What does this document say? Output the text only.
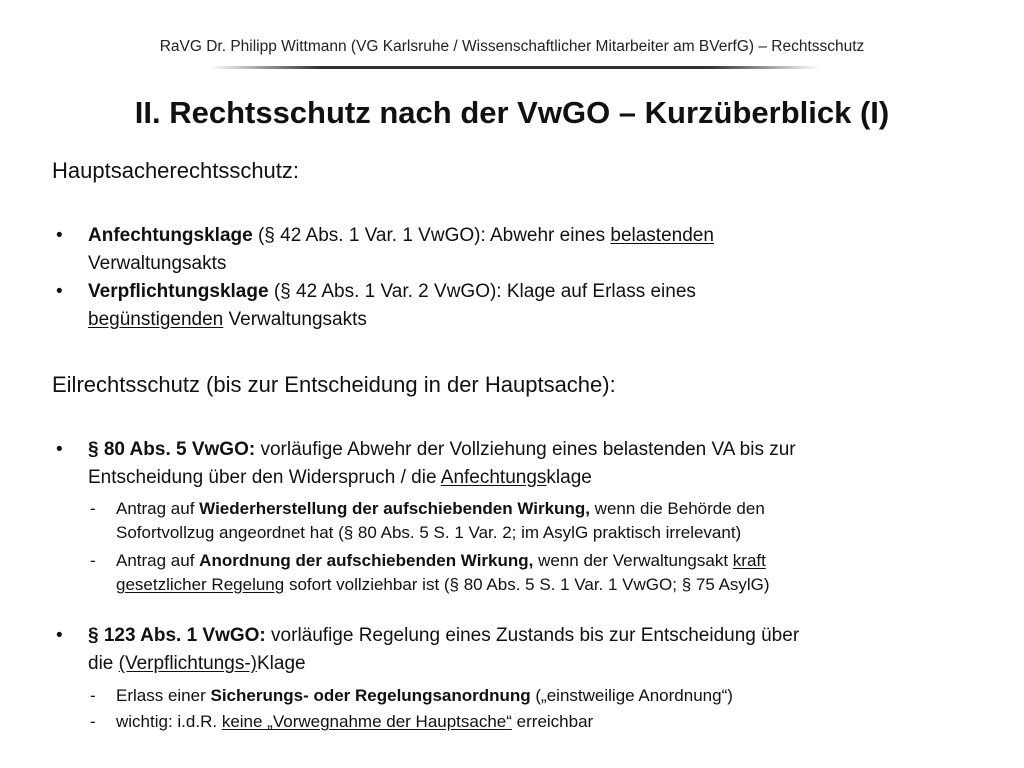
RaVG Dr. Philipp Wittmann (VG Karlsruhe / Wissenschaftlicher Mitarbeiter am BVerfG) – Rechtsschutz
II. Rechtsschutz nach der VwGO – Kurzüberblick (I)
Hauptsacherechtsschutz:
• Anfechtungsklage (§ 42 Abs. 1 Var. 1 VwGO): Abwehr eines belastenden
Verwaltungsakts
• Verpflichtungsklage (§ 42 Abs. 1 Var. 2 VwGO): Klage auf Erlass eines
begünstigenden Verwaltungsakts
Eilrechtsschutz (bis zur Entscheidung in der Hauptsache):
• § 80 Abs. 5 VwGO: vorläufige Abwehr der Vollziehung eines belastenden VA bis zur
Entscheidung über den Widerspruch / die Anfechtungsklage
- Antrag auf Wiederherstellung der aufschiebenden Wirkung, wenn die Behörde den
Sofortvollzug angeordnet hat (§ 80 Abs. 5 S. 1 Var. 2; im AsylG praktisch irrelevant)
- Antrag auf Anordnung der aufschiebenden Wirkung, wenn der Verwaltungsakt kraft
gesetzlicher Regelung sofort vollziehbar ist (§ 80 Abs. 5 S. 1 Var. 1 VwGO; § 75 AsylG)
• § 123 Abs. 1 VwGO: vorläufige Regelung eines Zustands bis zur Entscheidung über
die (Verpflichtungs-)Klage
- Erlass einer Sicherungs- oder Regelungsanordnung („einstweilige Anordnung“)
- wichtig: i.d.R. keine „Vorwegnahme der Hauptsache“ erreichbar
